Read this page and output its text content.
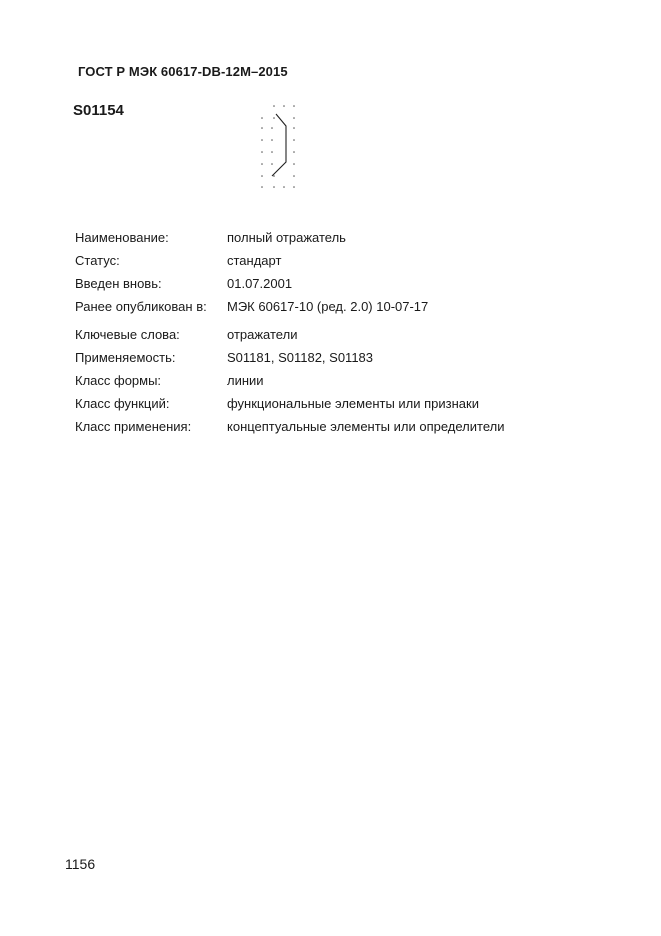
ГОСТ Р МЭК 60617-DB-12M–2015
S01154
Наименование:	полный отражатель
Статус:	стандарт
Введен вновь:	01.07.2001
Ранее опубликован в:	МЭК 60617-10 (ред. 2.0) 10-07-17
Ключевые слова:	отражатели
Применяемость:	S01181, S01182, S01183
Класс формы:	линии
Класс функций:	функциональные элементы или признаки
Класс применения:	концептуальные элементы или определители
1156
